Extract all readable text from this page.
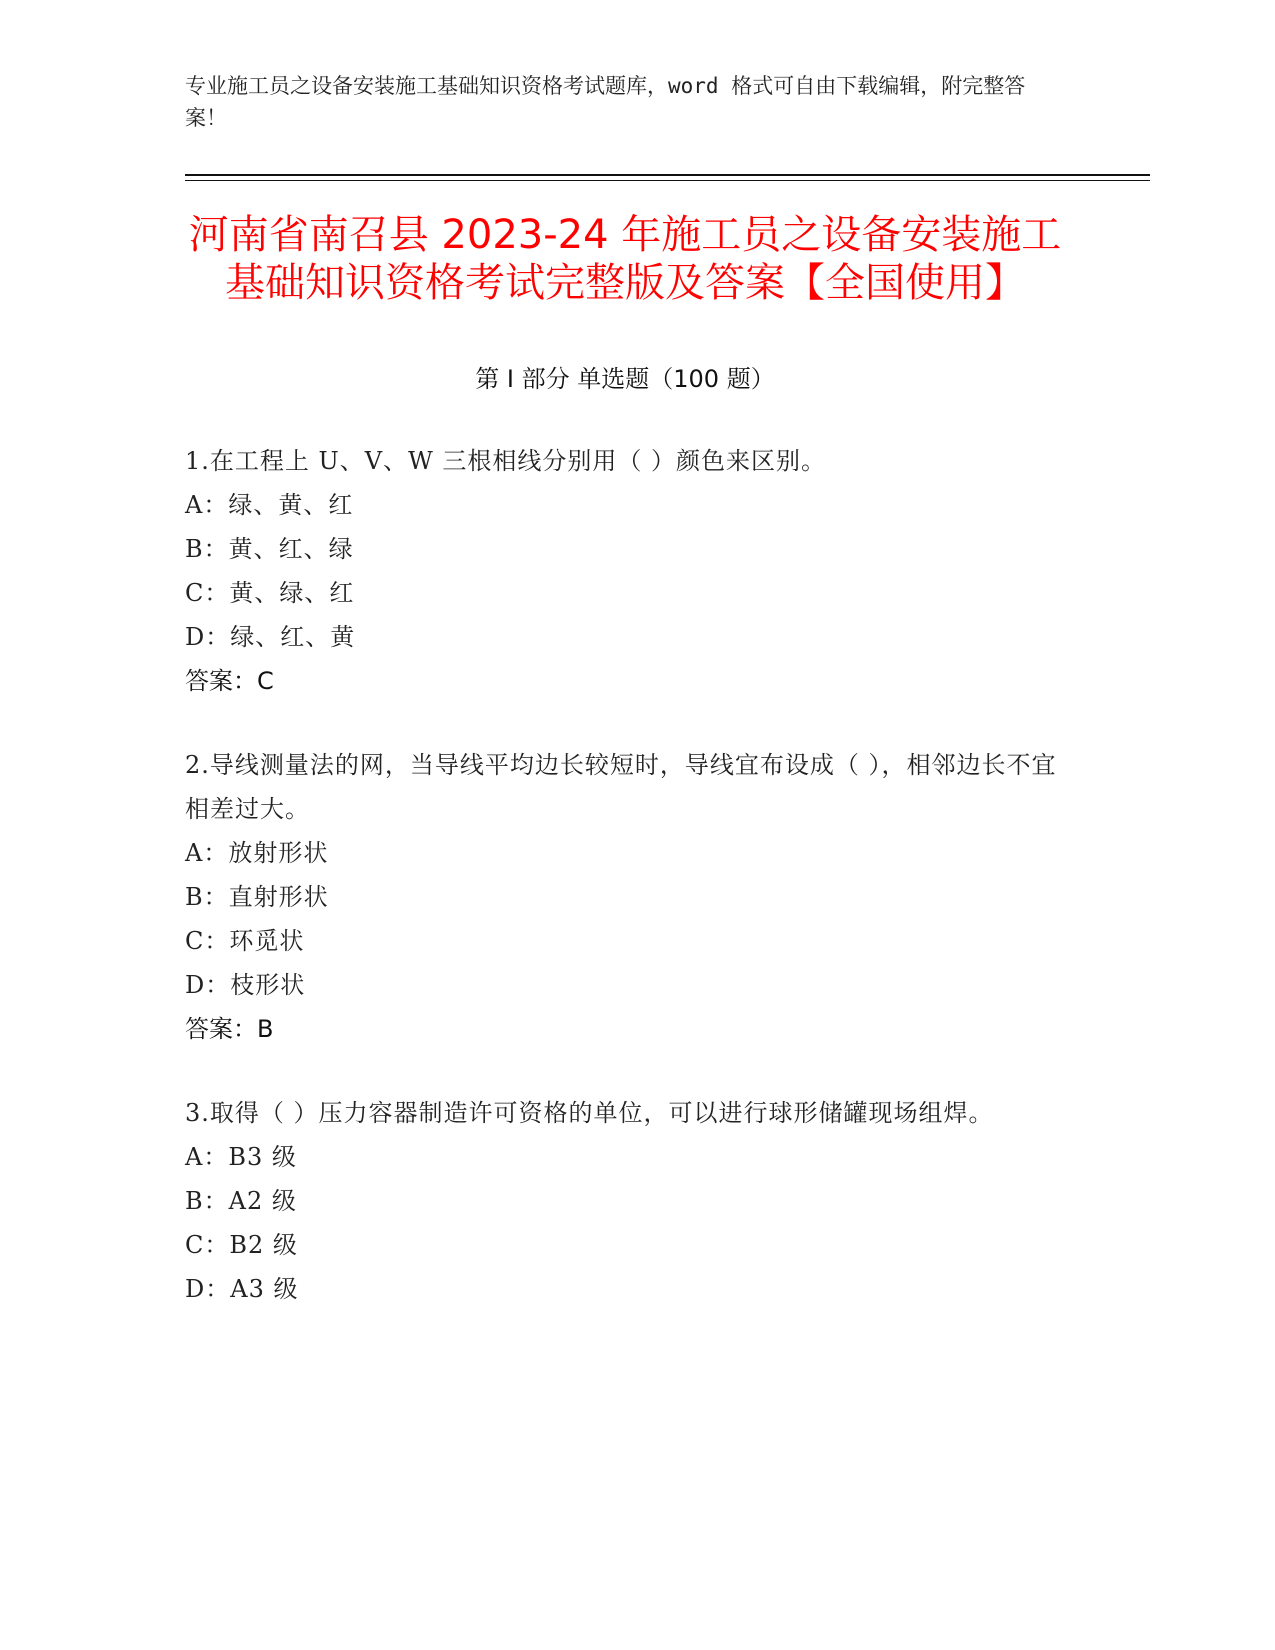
专业施工员之设备安装施工基础知识资格考试题库，word 格式可自由下载编辑，附完整答案！
河南省南召县 2023-24 年施工员之设备安装施工基础知识资格考试完整版及答案【全国使用】
第 I 部分 单选题（100 题）
1.在工程上 U、V、W 三根相线分别用（ ）颜色来区别。
A：绿、黄、红
B：黄、红、绿
C：黄、绿、红
D：绿、红、黄
答案：C
2.导线测量法的网，当导线平均边长较短时，导线宜布设成（ ），相邻边长不宜相差过大。
A：放射形状
B：直射形状
C：环觅状
D：枝形状
答案：B
3.取得（ ）压力容器制造许可资格的单位，可以进行球形储罐现场组焊。
A：B3 级
B：A2 级
C：B2 级
D：A3 级
